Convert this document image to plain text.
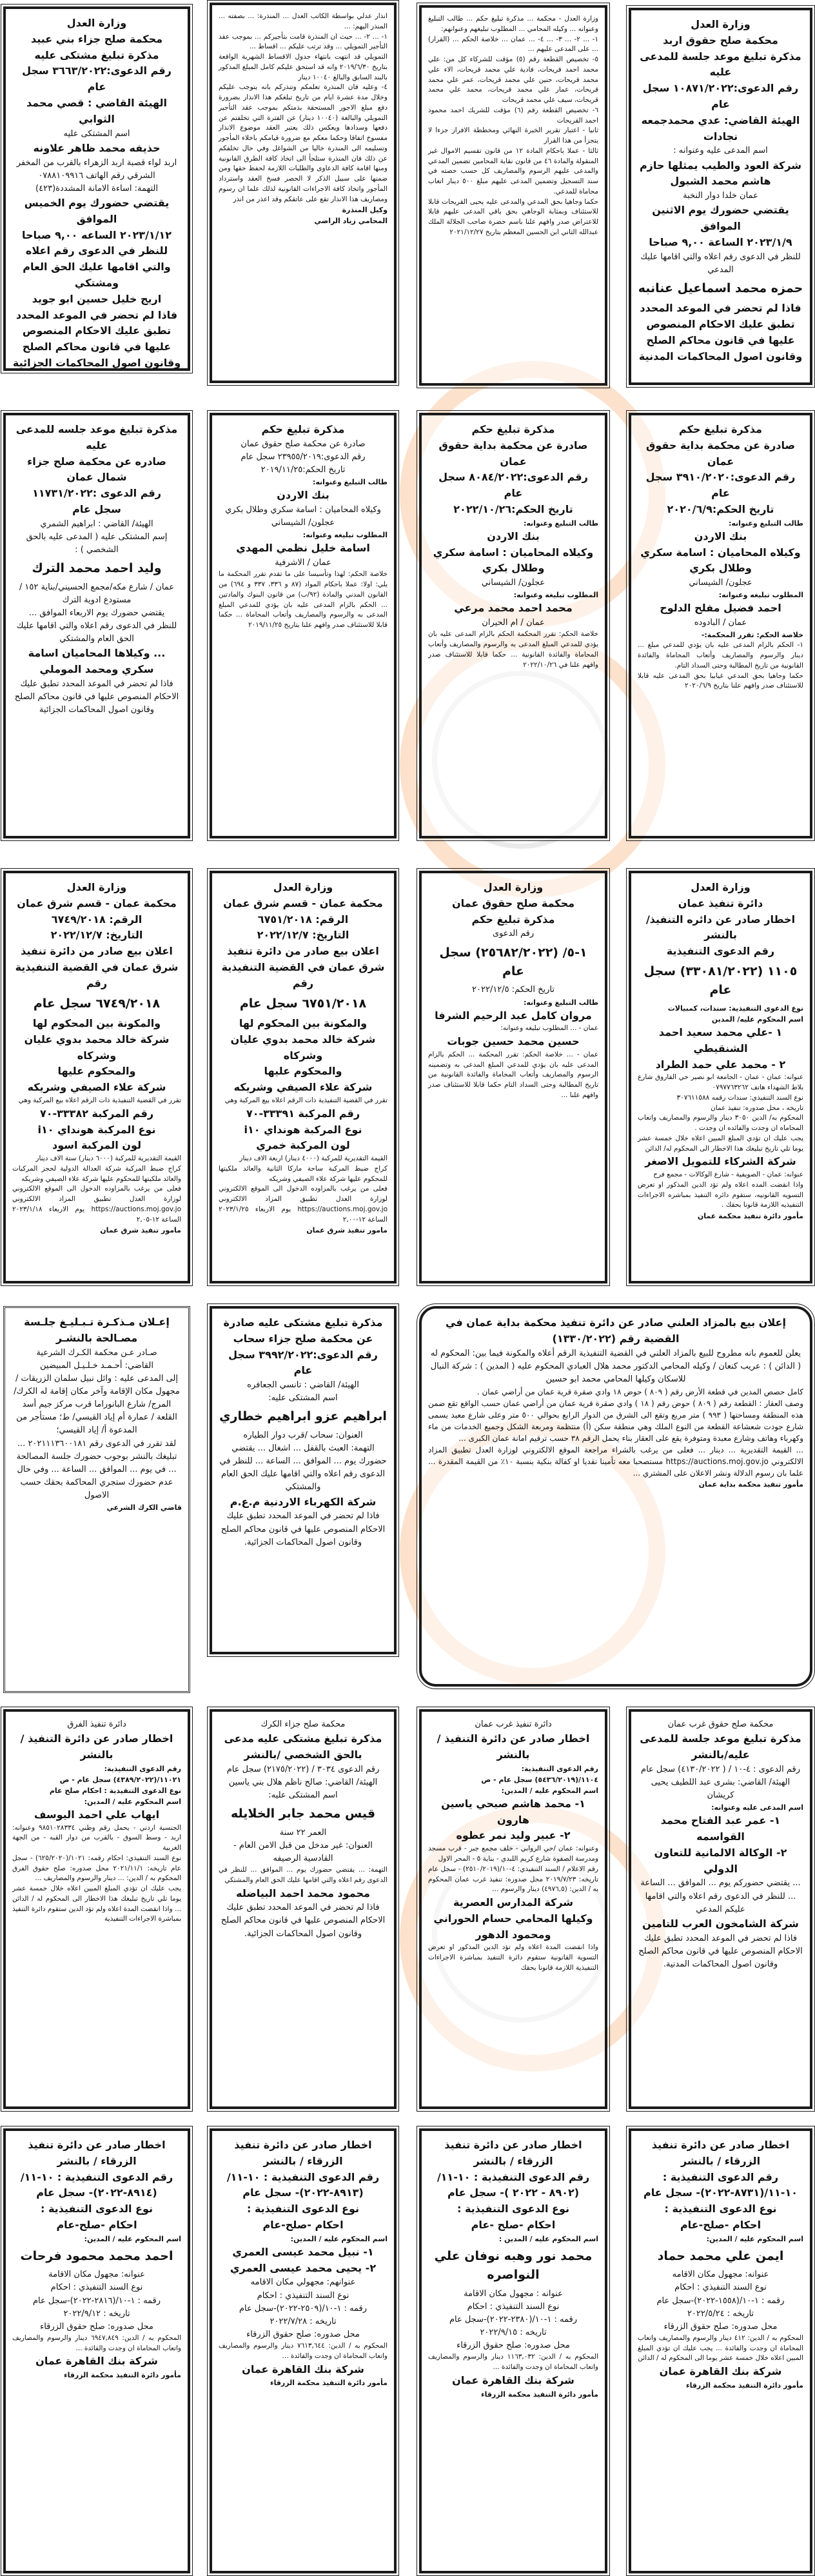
وزارة العدل
محكمة صلح حقوق اربد
مذكرة تبليغ موعد جلسة للمدعى عليه
رقم الدعوى:١٠٨٧١/٢٠٢٢ سجل عام
الهيئة القاضي: عدي محمدجمعه نجادات
اسم المدعى عليه وعنوانه :
شركة العود والطيب يمثلها حازم هاشم محمد الشبول
عمان خلدا دوار النخبة
يقتضي حضورك يوم الاثنين الموافق
٢٠٢٣/١/٩ الساعة ٩,٠٠ صباحا
للنظر في الدعوى رقم اعلاه والتي اقامها عليك المدعي
حمزه محمد اسماعيل عنانبه
فاذا لم تحضر في الموعد المحدد تطبق عليك الاحكام المنصوص عليها في قانون محاكم الصلح وقانون اصول المحاكمات المدنية
وزارة العدل - محكمة ... مذكرة تبليغ حكم ... طالب التبليغ وعنوانه ... وكيله المحامي ... المطلوب تبليغهم وعنوانهم:
١- ... ٢- ... ٣- ... ٤- ... عمان ... خلاصة الحكم ... (القرار) ... على المدعى عليهم ...
٥- تخصيص القطعة رقم (٥) مؤقت للشركاء كل من: علي محمد احمد قريحات، فادية علي محمد قريحات، الاء علي محمد قريحات، حنين علي محمد قريحات، عمر علي محمد قريحات، عمار علي محمد قريحات، محمد علي محمد قريحات، سيف علي محمد قريحات
٦- تخصيص القطعة رقم (٦) مؤقت للشريك احمد محمود احمد القريحات
ثانيا - اعتبار تقرير الخبرة النهائي ومخططة الافراز جزءا لا يتجزأ من هذا القرار
ثالثا - عملا باحكام المادة ١٢ من قانون تقسيم الاموال غير المنقولة والمادة ٤٦ من قانون نقابة المحامين تضمين المدعي والمدعى عليهم الرسوم والمصاريف كل حسب حصته في سند التسجيل وتضمين المدعى عليهم مبلغ ٥٠٠ دينار اتعاب محاماة للمدعي.
حكما وجاهيا بحق المدعي والمدعى عليه يحيى القريحات قابلا للاستئناف وبمثابة الوجاهي بحق باقي المدعى عليهم قابلا للاعتراض صدر وافهم علنا باسم حضرة صاحب الجلالة الملك عبدالله الثاني ابن الحسين المعظم بتاريخ ٢٠٢١/١٢/٢٧
انذار عدلي بواسطة الكاتب العدل ... المنذرة: ... بصفته ... المنذر اليهم: ...
١- ... ٢- ... حيث ان المنذرة قامت بتأجيركم ... بموجب عقد التأجير التمويلي ... وقد ترتب عليكم ... اقساط ...
التمويلي قد انتهت بانتهاء جدول الاقساط الشهرية الواقعة بتاريخ ٢٠١٩/٦/٣٠ وانه قد استحق عليكم كامل المبلغ المذكور بالبند السابق والبالغ ١٠٠٤٠ دينار
٤- وعليه فان المنذرة تعلمكم وتنذركم بانه يتوجب عليكم وخلال مدة عشرة ايام من تاريخ تبلغكم هذا الانذار بضرورة دفع مبلغ الاجور المستحقة بذمتكم بموجب عقد التأجير التمويلي والبالغة (١٠٠٤٠ دينار) عن الفترة التي تخلفتم عن دفعها وسدادها ويعكس ذلك يعتبر العقد موضوع الانذار مفسوخ اتفاقا وحكما معكم مع ضرورة قيامكم باخلاء المأجور وتسليمه الى المنذرة خاليا من الشواغل وفي حال تخلفكم عن ذلك فان المنذرة ستلجأ الى اتخاذ كافة الطرق القانونية ومنها اقامة كافة الدعاوى والطلبات اللازمة لحفظ حقها ومن ضمنها على سبيل الذكر لا الحصر فسخ العقد واسترداد المأجور واتخاذ كافة الاجراءات القانونية لذلك علما ان رسوم ومصاريف هذا الانذار تقع على عاتقكم وقد اعذر من انذر
وكيل المنذرة
المحامي زياد الراضي
وزارة العدل
محكمة صلح جزاء بني عبيد
مذكرة تبليغ مشتكى عليه
رقم الدعوى:٣٦٦٣/٢٠٢٢ سجل عام
الهيئة القاضي : قصي محمد الثوابي
اسم المشتكى عليه
حذيفه محمد ظاهر علاونه
اربد لواء قصبة اربد الزهراء بالقرب من المخفر الشرقي رقم الهاتف ٠٧٨٨١٠٩٩١٦
التهمة: اساءة الامانة المشددة(٤٢٣)
يقتضي حضورك يوم الخميس الموافق
٢٠٢٣/١/١٢ الساعه ٩,٠٠ صباحا
للنظر في الدعوى رقم اعلاه والتي اقامها عليك الحق العام ومشتكي
اريج خليل حسين ابو جويد
فاذا لم تحضر في الموعد المحدد تطبق عليك الاحكام المنصوص عليها في قانون محاكم الصلح وقانون اصول المحاكمات الجزائية
مذكرة تبليغ حكم
صادرة عن محكمة بداية حقوق عمان
رقم الدعوى:٣٩١٠/٢٠٢٠ سجل عام
تاريخ الحكم:٢٠٢٠/٦/٩
طالب التبليغ وعنوانه:
بنك الاردن
وكيلاه المحاميان : اسامة سكري وطلال بكري
عجلون/ الشيساني
المطلوب تبليغه وعنوانه:
احمد فضيل مفلح الدلوح
عمان / البادوده
خلاصة الحكم: تقرر المحكمة:-
١- الحكم بالزام المدعى عليه بان يؤدي للمدعي مبلغ ... دينار والرسوم والمصاريف وأتعاب المحاماة والفائدة القانونية من تاريخ المطالبة وحتى السداد التام.
حكما وجاهيا بحق المدعي غيابيا بحق المدعى عليه قابلا للاستئناف صدر وافهم علنا بتاريخ ٢٠٢٠/٦/٩
مذكرة تبليغ حكم
صادرة عن محكمة بداية حقوق عمان
رقم الدعوى:٨٠٨٤/٢٠٢٢ سجل عام
تاريخ الحكم:٢٠٢٢/١٠/٢٦
طالب التبليغ وعنوانه:
بنك الاردن
وكيلاه المحاميان : اسامة سكري وطلال بكري
عجلون/ الشيساني
المطلوب تبليغه وعنوانه:
محمد احمد محمد مرعي
عمان / ام الحيران
خلاصة الحكم: تقرر المحكمة الحكم بالزام المدعى عليه بان يؤدي للمدعي المبلغ المدعى به والرسوم والمصاريف وأتعاب المحاماة والفائدة القانونية ... حكما قابلا للاستئناف صدر وافهم علنا في ٢٠٢٢/١٠/٢٦
مذكرة تبليغ حكم
صادرة عن محكمة صلح حقوق عمان
رقم الدعوى:٢٣٩٥٥/٢٠١٩ سجل عام
تاريخ الحكم:٢٠١٩/١١/٢٥
طالب التبليغ وعنوانه:
بنك الاردن
وكيلاه المحاميان : اسامة سكري وطلال بكري
عجلون/ الشيساني
المطلوب تبليغه وعنوانه:
اسامة خليل نظمي المهدي
عمان / الاشرفية
خلاصة الحكم: لهذا وتأسيسا على ما تقدم تقرر المحكمة ما يلي: اولا: عملا باحكام المواد (٨٧ و ٣٣٦، ٣٣٧ و ٦٩٤) من القانون المدني والمادة (٩٢/ب) من قانون البنوك والمادتين ... الحكم بالزام المدعى عليه بان يؤدي للمدعي المبلغ المدعى به والرسوم والمصاريف وأتعاب المحاماة ... حكما قابلا للاستئناف صدر وافهم علنا بتاريخ ٢٠١٩/١١/٢٥
مذكرة تبليغ موعد جلسه للمدعى عليه
صادره عن محكمة صلح جزاء شمال عمان
رقم الدعوى :١١٧٣١/٢٠٢٢
سجل عام
الهيئة/ القاضي : ابراهيم الشمري
إسم المشتكى عليه ( المدعى عليه بالحق الشخصي ) :
وليد احمد محمد الترك
عمان / شارع مكه/مجمع الحسيني/بناية ١٥٢ /مستودع ادوية الترك
يقتضي حضورك يوم الاربعاء الموافق ...
للنظر في الدعوى رقم اعلاه والتي اقامها عليك الحق العام والمشتكي
... وكيلاها المحاميان اسامة سكري ومحمد الموملي
فاذا لم تحضر في الموعد المحدد تطبق عليك الاحكام المنصوص عليها في قانون محاكم الصلح وقانون اصول المحاكمات الجزائية
وزارة العدل
دائرة تنفيذ عمان
اخطار صادر عن دائره التنفيذ/ بالنشر
رقم الدعوى التنفيذية
١١٠٥ (٣٣٠٨١/٢٠٢٢) سجل عام
نوع الدعوى التنفيذية: سندات، كمبيالات
اسم المحكوم عليه/ المدين
١ -علي محمد سعيد احمد الشنقيطي
٢ - محمد علي حمد الطراد
عنوانه: عمان - عمان - الجامعة ابو نصير حي الفاروق شارع بلاط الشهداء هاتف ٠٧٩٧٧٦٣٢٦٢
نوع السند التنفيذي: سندات رقمه ٣٠٧٦١١٥٨٨
تاريخه ، محل صدوره: تنفيذ عمان
المحكوم به/ الدين ٣٠٥٠ دينار والرسوم والمصاريف واتعاب المحاماه ان وجدت والفائده ان وجدت .
يجب عليك ان تؤدي المبلغ المبين اعلاه خلال خمسة عشر يوما تلي تاريخ تبليغك هذا الاخطار الى المحكوم له/ الدائن
شركة الشركاء للتمويل الاصغر
عنوانه: عمان - الصويفية - شارع الوكالات - مجمع فرح
واذا انقضت المده اعلاه ولم تؤد الدين المذكور او تعرض التسويه القانونيه، ستقوم دائره التنفيذ بمباشره الاجراءات التنفيذيه اللازمة قانونا بحقك .
مأمور دائرة تنفيذ محكمة عمان
وزارة العدل
محكمة صلح حقوق عمان
مذكرة تبليغ حكم
رقم الدعوى
١-٥/ (٢٥٦٨٢/٢٠٢٢) سجل عام
تاريخ الحكم: ٢٠٢٢/١٢/٥
طالب التبليغ وعنوانه:
مروان كامل عبد الرحيم الشرفا
عمان - ... المطلوب تبليغه وعنوانه:
حسين محمد حسين جوبات
عمان - ... خلاصة الحكم: تقرر المحكمة ... الحكم بالزام المدعى عليه بان يؤدي للمدعي المبلغ المدعى به وتضمينه الرسوم والمصاريف وأتعاب المحاماة والفائدة القانونية من تاريخ المطالبة وحتى السداد التام حكما قابلا للاستئناف صدر وافهم علنا ...
وزارة العدل
محكمة عمان - قسم شرق عمان
الرقم: ٦٧٥١/٢٠١٨
التاريخ: ٢٠٢٢/١٢/٧
اعلان بيع صادر من دائرة تنفيذ شرق عمان في القضية التنفيذية رقم
٦٧٥١/٢٠١٨ سجل عام
والمكونة بين المحكوم لها
شركة خالد محمد بدوي عليان وشركاه
والمحكوم عليها
شركة علاء الصيفي وشريكه
تقرر في القضية التنفيذية ذات الرقم اعلاه بيع المركبة وهي
رقم المركبة ٣٣٣٩١-٧٠
نوع المركبة هونداي i١٠
لون المركبة خمري
القيمة التقديرية للمركبة (٤٠٠٠ دينار) اربعة الاف دينار
كراج ضبط المركبة ساحة ماركا الثانية والعائد ملكيتها للمحكوم عليها شركة علاء الصيفي وشريكه
فعلى من يرغب بالمزاوده الدخول الى الموقع الالكتروني لوزارة العدل تطبيق المزاد الالكتروني https://auctions.moj.gov.jo يوم الاربعاء ٢٠٢٣/١/٢٥ الساعة ١٢-٢,٠٠
مامور تنفيذ شرق عمان
وزارة العدل
محكمة عمان - قسم شرق عمان
الرقم: ٦٧٤٩/٢٠١٨
التاريخ: ٢٠٢٢/١٢/٧
اعلان بيع صادر من دائرة تنفيذ شرق عمان في القضية التنفيذية رقم
٦٧٤٩/٢٠١٨ سجل عام
والمكونة بين المحكوم لها
شركة خالد محمد بدوي عليان وشركاه
والمحكوم عليها
شركة علاء الصيفي وشريكه
تقرر في القضية التنفيذية ذات الرقم اعلاه بيع المركبة وهي
رقم المركبة ٣٣٣٨٢-٧٠
نوع المركبة هونداي i١٠
لون المركبة اسود
القيمة التقديرية للمركبة (٦٠٠٠ دينار) ستة الاف دينار
كراج ضبط المركبة شركة العدالة الدولية لحجز المركبات والعائد ملكيتها للمحكوم عليها شركة علاء الصيفي وشريكه
فعلى من يرغب بالمزاوده الدخول الى الموقع الالكتروني لوزارة العدل تطبيق المزاد الالكتروني https://auctions.moj.gov.jo يوم الاربعاء ٢٠٢٣/١/١٨ الساعة ١٢-٢,٠٥
مامور تنفيذ شرق عمان
إعلان بيع بالمزاد العلني صادر عن دائرة تنفيذ محكمة بداية عمان في القضية رقم (١٣٣٠/٢٠٢٢)
يعلن للعموم بانه مطروح للبيع بالمزاد العلني في القضية التنفيذية الرقم أعلاه والمكونة فيما بين: المحكوم له ( الدائن ) : عريب كنعان / وكيله المحامي الدكتور محمد هلال العبادي المحكوم عليه ( المدين ) : شركة النبال للاسكان وكيلها المحامي محمد ابو حسين
كامل حصص المدين في قطعة الأرض رقم ( ٨٠٩ ) حوض ١٨ وادي صقرة قرية عمان من أراضي عمان .
وصف العقار : القطعة رقم ( ٨٠٩ ) حوض رقم ( ١٨ ) وادي صقرة قرية عمان من أراضي عمان حسب الواقع تقع ضمن هذه المنطقة ومساحتها ( ٩٩٣ ) متر مربع وتقع الى الشرق من الدوار الرابع بحوالي ٥٠٠ متر وعلى شارع معبد يسمى شارع جودت شعشاعة القطعة من النوع الملك وهي منطقة سكن (أ) منتظمة ومربعة الشكل وجميع الخدمات من ماء وكهرباء وهاتف وشارع معبدة ومتوفرة يقع على العقار بناء يحمل الرقم ٣٨ حسب ترقيم امانة عمان الكبرى ...
... القيمة التقديرية ... دينار ... فعلى من يرغب بالشراء مراجعة الموقع الالكتروني لوزارة العدل تطبيق المزاد الالكتروني https://auctions.moj.gov.jo مستصحبا معه تأمينا نقديا او كفالة بنكية بنسبة ١٠٪ من القيمة المقدرة ... علما بان رسوم الدلالة ونشر الاعلان على المشتري ...
مأمور تنفيذ محكمة بداية عمان
مذكرة تبليغ مشتكى عليه صادرة عن محكمة صلح جزاء سحاب
رقم الدعوى:٣٩٩٢/٢٠٢٢ سجل عام
الهيئة/ القاضي : تانسي الجعافره
اسم المشتكى عليه:
ابراهيم عزو ابراهيم خطاري
العنوان: سحاب /قرب دوار الطياره
التهمة: العبث بالقفل ... اشغال ... يقتضي حضورك يوم ... الموافق ... الساعة ... للنظر في الدعوى رقم اعلاه والتي اقامها عليك الحق العام والمشتكي
شركة الكهرباء الاردنية م.ع.م
فاذا لم تحضر في الموعد المحدد تطبق عليك الاحكام المنصوص عليها في قانون محاكم الصلح وقانون اصول المحاكمات الجزائية.
إعـلان مـذكـرة تـبـليـغ جلـسة مصـالحة بالنشـر
صـادر عـن محكمة الكـرك الشرعية
القاضي: أحـمـد خـلـيـل المبيضين
إلى المدعى عليه : وائل نبيل سلمان الزريقات / مجهول مكان الإقامة وآخر مكان إقامة له الكرك/ المرج/ شارع البانوراما قرب مركز جيم أسد القلعة / عمارة أم إياد القيسي/ ط؛ مستأجر من المدعوة أ/ إياد القيسي؛
لقد تقرر في الدعوى رقم ٢٠٢١١١٣٦٠٠١٨١ ... تبليغك بالنشر بوجوب حضورك جلسة المصالحة ... في يوم ... الموافق ... الساعة ... وفي حال عدم حضورك ستجري المحاكمة بحقك حسب الاصول
قاضي الكرك الشرعي
محكمة صلح حقوق غرب عمان
مذكرة تبليغ موعد جلسة للمدعى عليه/بالنشر
رقم الدعوى : ٤-١٠ / ( ٤١٣٠/٢٠٢٢) سجل عام
الهيئة/ القاضي: بشرى عبد اللطيف يحيى كريشان
اسم المدعى عليه وعنوانه:
١- عمر عبد الفتاح محمد القواسمه
٢- الوكالة الالمانية للتعاون الدولي
... يقتضي حضوركم يوم ... الموافق ... الساعة ... للنظر في الدعوى رقم اعلاه والتي اقامها عليكم المدعي
شركة الشامخون العرب للتامين
فاذا لم تحضر في الموعد المحدد تطبق عليك الاحكام المنصوص عليها في قانون محاكم الصلح وقانون اصول المحاكمات المدنية.
دائرة تنفيذ غرب عمان
اخطار صادر عن دائرة التنفيذ / بالنشر
رقم الدعوى التنفيذية:
١١٠٤/(٥٤٣٦/٢٠١٩) سجل عام - ص
اسم المحكوم عليه / المدين:
١- محمد هاشم صبحي ياسين هارون
٢- عبير وليد نمر عطوه
وعنوانه: عمان /حي الروابي - خلف مجمع جبر - قرب مسجد ومدرسة الصفوة شارع كريم اللبدي - بناية ٥ - المحر الاول
رقم الاعلام / السند التنفيذي: ٤-١٠/(٢٥١٠/٢٠١٩) - سجل عام تاريخه: ٢٠١٩/٧/٢٣ محل صدوره: تنفيذ غرب عمان المحكوم به / الدين: (٤٩٧٦,٥) دينار والرسوم ...
شركة المدارس العصرية
وكيلها المحامي حسام الحوراني ومحمود الدهور
واذا انقضت المدة اعلاه ولم تؤد الدين المذكور او تعرض التسوية القانونية ستقوم دائرة التنفيذ بمباشرة الاجراءات التنفيذية اللازمة قانونا بحقك
محكمة صلح جزاء الكرك
مذكرة تبليغ مشتكى عليه مدعى بالحق الشخصي /بالنشر
رقم الدعوى ٣٠٣٤ / (٢١٧٥/٢٠٢٢) سجل عام
الهيئة/ القاضي: صالح ناظم هلال بني ياسين
اسم المشتكى عليه:
قيس محمد جابر الخلايله
العمر ٢٢ سنة
العنوان: غير مدخل من قبل الامن العام - القادسية الرصيفه
التهمة: ... يقتضي حضورك يوم ... الموافق ... للنظر في الدعوى رقم اعلاه والتي اقامها عليك الحق العام والمشتكي
محمود محمد احمد البياضله
فاذا لم تحضر في الموعد المحدد تطبق عليك الاحكام المنصوص عليها في قانون محاكم الصلح وقانون اصول المحاكمات الجزائية.
دائرة تنفيذ الفرق
اخطار صادر عن دائرة التنفيذ / بالنشر
رقم الدعوى التنفيذية:
١١٠٢١/(٤٣٨٩/٢٠٢٢) سجل عام - ص
نوع الدعوى التنفيذية : احكام صلح عام
اسم المحكوم عليه / المدين:
ايهاب علي احمد اليوسف
الجنسية اردني - يحمل رقم وطني ٩٨٥١٠٢٨٣٣٤ وعنوانه: اربد - وسط السوق - بالقرب من دوار القبه - من الجهة الغربية
نوع السند التنفيذي: احكام رقمه: ١٠٢١/(٦٢٥/٢٠٢٠) - سجل عام تاريخه: ٢٠٢١/١١/١ محل صدوره: صلح حقوق الفرق المحكوم به / الدين: ... دينار والرسوم والمصاريف ...
يجب عليك ان تؤدي المبلغ المبين اعلاه خلال خمسة عشر يوما تلي تاريخ تبليغك هذا الاخطار الى المحكوم له / الدائن ... واذا انقضت المدة اعلاه ولم تؤد الدين ستقوم دائرة التنفيذ بمباشرة الاجراءات التنفيذية
اخطار صادر عن دائرة تنفيذ الزرقاء / بالنشر
رقم الدعوى التنفيذية :
١٠-١١/(٨٧٣١-٢٠٢٢)- سجل عام
نوع الدعوى التنفيذية :
احكام -صلح-عام
اسم المحكوم عليه / المدين:
ايمن علي محمد حماد
عنوانه: مجهول مكان الاقامه
نوع السند التنفيذي : احكام
رقمه : ١-١٠/(١٥٥٨-٢٠٢٢)-سجل عام
تاريخه : ٢٠٢٢/٥/٢٤
محل صدوره: صلح حقوق الزرقاء
المحكوم به / الدين: ٤١٢ دينار والرسوم والمصاريف واتعاب المحاماة ان وجدت والفائدة ... يجب عليك ان تؤدي المبلغ المبين اعلاه خلال خمسة عشر يوما الى المحكوم له / الدائن
شركة بنك القاهرة عمان
مأمور دائرة التنفيذ محكمة الزرقاء
اخطار صادر عن دائرة تنفيذ الزرقاء / بالنشر
رقم الدعوى التنفيذية : ١٠-١١/
(٨٩٠٢ - ٢٠٢٢ )- سجل عام
نوع الدعوى التنفيذية :
احكام -صلح -عام
اسم المحكوم عليه / المدين :
محمد نور وهبه نوفان علي النواصره
عنوانه : مجهول مكان الاقامة
نوع السند التنفيذي : احكام
رقمه : ١-١٠/(٢٣٨٠-٢٠٢٢)-سجل عام
تاريخه : ٢٠٢٢/٩/١٥
محل صدوره: صلح حقوق الزرقاء
المحكوم به / الدين: ١١٦٣,٠٣٢ دينار والرسوم والمصاريف واتعاب المحاماة ان وجدت والفائدة ...
شركة بنك القاهرة عمان
مأمور دائرة التنفيذ محكمة الزرقاء
اخطار صادر عن دائرة تنفيذ الزرقاء / بالنشر
رقم الدعوى التنفيذية : ١٠-١١/
(٨٩١٣-٢٠٢٢)- سجل عام
نوع الدعوى التنفيذية :
احكام -صلح-عام
اسم المحكوم عليه / المدين:
١- نبيل محمد عيسى العمري
٢- يحيى محمد عيسى العمري
عنوانهم: مجهولي مكان الاقامه
نوع السند التنفيذي : احكام
رقمه : ١-١٠/(٢٥٠٩-٢٠٢٢)-سجل عام
تاريخه : ٢٠٢٢/٧/٢٨
محل صدوره: صلح حقوق الزرقاء
المحكوم به / الدين: ٧٦١٣,٦٤٤ دينار والرسوم والمصاريف واتعاب المحاماة ان وجدت والفائدة ...
شركة بنك القاهرة عمان
مأمور دائرة التنفيذ محكمة الزرقاء
اخطار صادر عن دائرة تنفيذ الزرقاء / بالنشر
رقم الدعوى التنفيذية : ١٠-١١/
(٨٩١٤-٢٠٢٢)- سجل عام
نوع الدعوى التنفيذية :
احكام -صلح-عام
اسم المحكوم عليه / المدين:
احمد محمد محمود فرحات
عنوانه: مجهول مكان الاقامة
نوع السند التنفيذي : احكام
رقمه : ١-١٠/(٢٨١٦-٢٠٢٢)-سجل عام
تاريخه : ٢٠٢٢/٩/١٢
محل صدوره: صلح حقوق الزرقاء
المحكوم به / الدين: ٦٩٤٧,٨٤٩ دينار والرسوم والمصاريف واتعاب المحاماة ان وجدت والفائدة ...
شركة بنك القاهرة عمان
مأمور دائرة التنفيذ محكمة الزرقاء
